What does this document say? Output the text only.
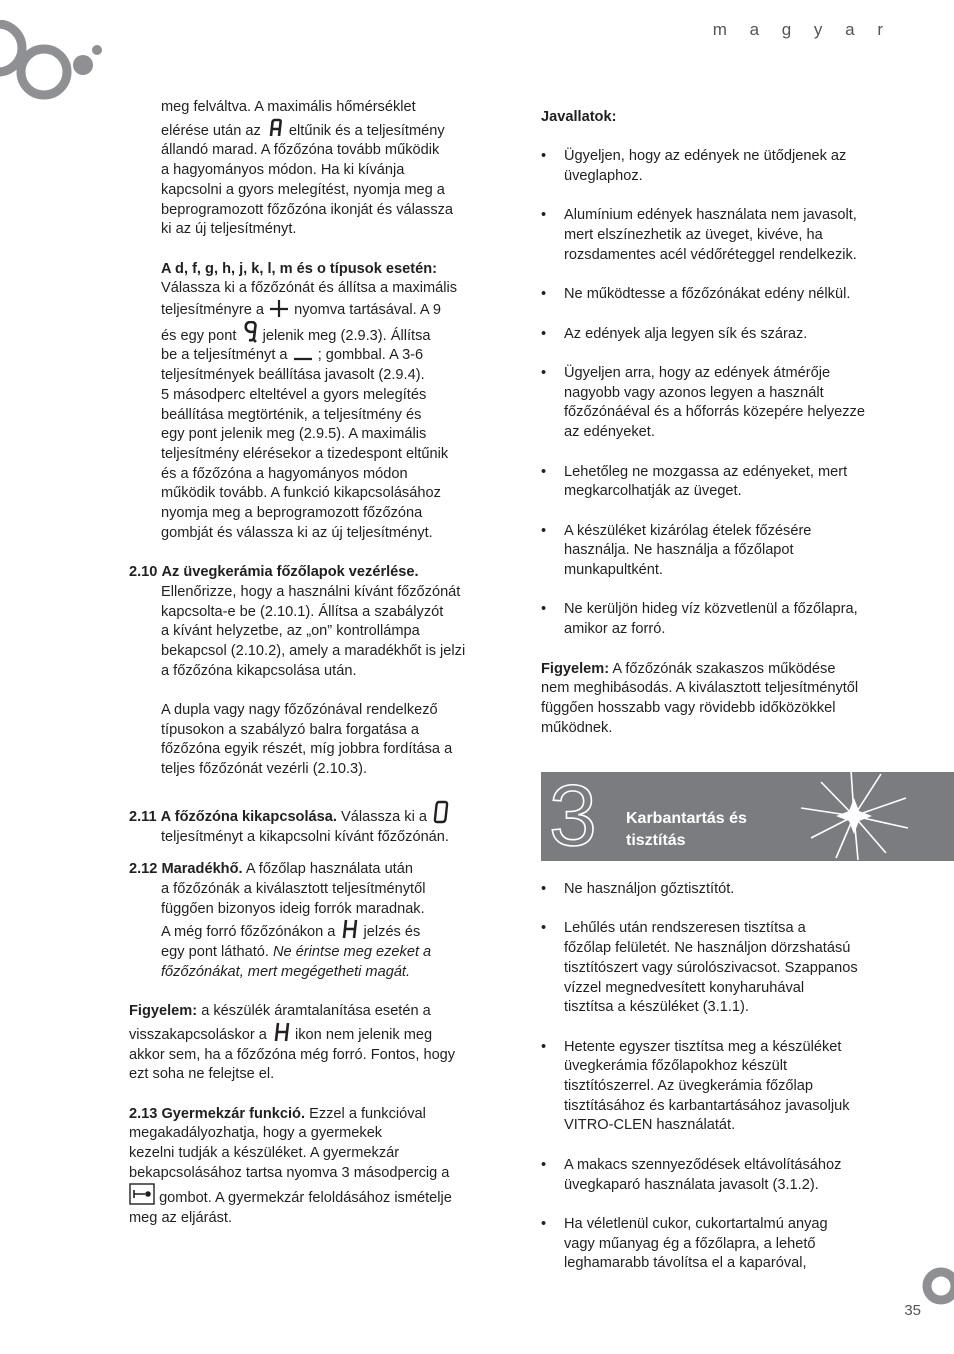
m a g y a r

meg felváltva. A maximális hőmérséklet

elérése után az eltűnik és a teljesítmény

állandó marad. A főzőzóna tovább működik

a hagyományos módon. Ha ki kívánja

kapcsolni a gyors melegítést, nyomja meg a

beprogramozott főzőzóna ikonját és válassza

ki az új teljesítményt.

A d, f, g, h, j, k, l, m és o típusok esetén:

Válassza ki a főzőzónát és állítsa a maximális

teljesítményre a nyomva tartásával. A 9

és egy pont jelenik meg (2.9.3). Állítsa

be a teljesítményt a ; gombbal. A 3-6

teljesítmények beállítása javasolt (2.9.4).

5 másodperc elteltével a gyors melegítés

beállítása megtörténik, a teljesítmény és

egy pont jelenik meg (2.9.5). A maximális

teljesítmény elérésekor a tizedespont eltűnik

és a főzőzóna a hagyományos módon

működik tovább. A funkció kikapcsolásához

nyomja meg a beprogramozott főzőzóna

gombját és válassza ki az új teljesítményt.

2.10 Az üvegkerámia főzőlapok vezérlése.

Ellenőrizze, hogy a használni kívánt főzőzónát

kapcsolta-e be (2.10.1). Állítsa a szabályzót

a kívánt helyzetbe, az „on” kontrollámpa

bekapcsol (2.10.2), amely a maradékhőt is jelzi

a főzőzóna kikapcsolása után.

A dupla vagy nagy főzőzónával rendelkező

típusokon a szabályzó balra forgatása a

főzőzóna egyik részét, míg jobbra fordítása a

teljes főzőzónát vezérli (2.10.3).

2.11 A főzőzóna kikapcsolása. Válassza ki a

teljesítményt a kikapcsolni kívánt főzőzónán.

2.12 Maradékhő. A főzőlap használata után

a főzőzónák a kiválasztott teljesítménytől

függően bizonyos ideig forrók maradnak.

A még forró főzőzónákon a jelzés és

egy pont látható. Ne érintse meg ezeket a

főzőzónákat, mert megégetheti magát.

Figyelem: a készülék áramtalanítása esetén a

visszakapcsoláskor a ikon nem jelenik meg

akkor sem, ha a főzőzóna még forró. Fontos, hogy

ezt soha ne felejtse el.

2.13 Gyermekzár funkció. Ezzel a funkcióval

megakadályozhatja, hogy a gyermekek

kezelni tudják a készüléket. A gyermekzár

bekapcsolásához tartsa nyomva 3 másodpercig a

gombot. A gyermekzár feloldásához ismételje

meg az eljárást.

Javallatok:

• Ügyeljen, hogy az edények ne ütődjenek az

üveglaphoz.

• Alumínium edények használata nem javasolt,

mert elszínezhetik az üveget, kivéve, ha

rozsdamentes acél védőréteggel rendelkezik.

• Ne működtesse a főzőzónákat edény nélkül.

• Az edények alja legyen sík és száraz.

• Ügyeljen arra, hogy az edények átmérője

nagyobb vagy azonos legyen a használt

főzőzónáéval és a hőforrás közepére helyezze

az edényeket.

• Lehetőleg ne mozgassa az edényeket, mert

megkarcolhatják az üveget.

• A készüléket kizárólag ételek főzésére

használja. Ne használja a főzőlapot

munkapultként.

• Ne kerüljön hideg víz közvetlenül a főzőlapra,

amikor az forró.

Figyelem: A főzőzónák szakaszos működése

nem meghibásodás. A kiválasztott teljesítménytől

függően hosszabb vagy rövidebb időközökkel

működnek.

3 Karbantartás és
tisztítás

• Ne használjon gőztisztítót.

• Lehűlés után rendszeresen tisztítsa a

főzőlap felületét. Ne használjon dörzshatású

tisztítószert vagy súrolószivacsot. Szappanos

vízzel megnedvesített konyharuhával

tisztítsa a készüléket (3.1.1).

• Hetente egyszer tisztítsa meg a készüléket

üvegkerámia főzőlapokhoz készült

tisztítószerrel. Az üvegkerámia főzőlap

tisztításához és karbantartásához javasoljuk

VITRO-CLEN használatát.

• A makacs szennyeződések eltávolításához

üvegkaparó használata javasolt (3.1.2).

• Ha véletlenül cukor, cukortartalmú anyag

vagy műanyag ég a főzőlapra, a lehető

leghamarabb távolítsa el a kaparóval,

35
